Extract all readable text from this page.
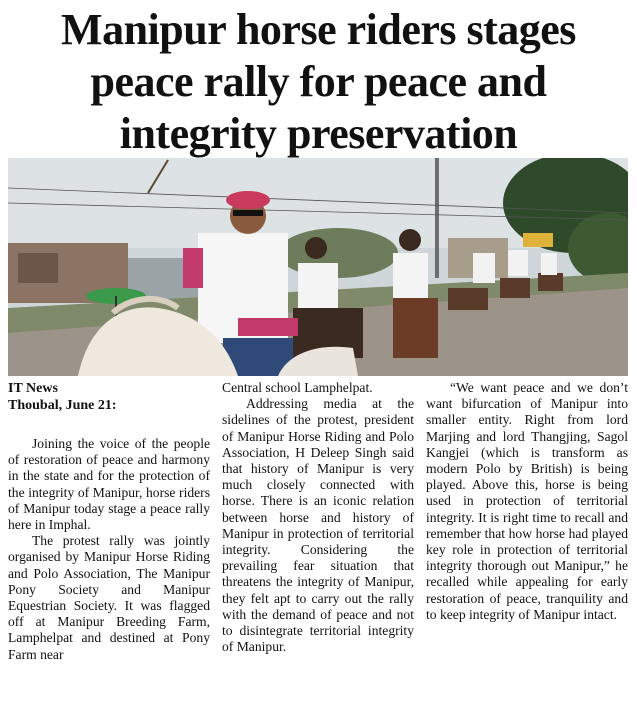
Manipur horse riders stages
peace rally for peace and
integrity preservation

IT News

Thoubal, June 21:

Joining the voice of the people of restoration of peace and harmony in the state and for the protection of the integrity of Manipur, horse riders of Manipur today stage a peace rally here in Imphal.

The protest rally was jointly organised by Manipur Horse Riding and Polo Association, The Manipur Pony Society and Manipur Equestrian Society. It was flagged off at Manipur Breeding Farm, Lamphelpat and destined at Pony Farm near

Central school Lamphelpat.

Addressing media at the sidelines of the protest, president of Manipur Horse Riding and Polo Association, H Deleep Singh said that history of Manipur is very much closely connected with horse. There is an iconic relation between horse and history of Manipur in protection of territorial integrity. Considering the prevailing fear situation that threatens the integrity of Manipur, they felt apt to carry out the rally with the demand of peace and not to disintegrate territorial integrity of Manipur.

“We want peace and we don’t want bifurcation of Manipur into smaller entity. Right from lord Marjing and lord Thangjing, Sagol Kangjei (which is transform as modern Polo by British) is being played. Above this, horse is being used in protection of territorial integrity. It is right time to recall and remember that how horse had played key role in protection of territorial integrity thorough out Manipur,” he recalled while appealing for early restoration of peace, tranquility and to keep integrity of Manipur intact.
